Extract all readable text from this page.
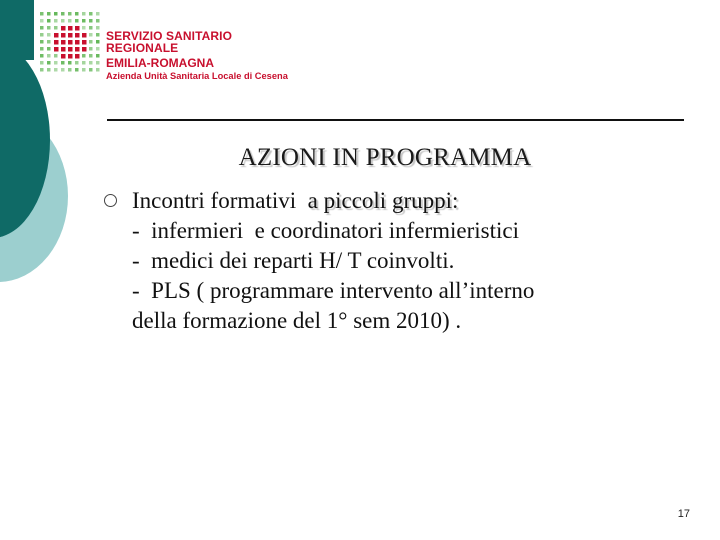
SERVIZIO SANITARIO REGIONALE
EMILIA-ROMAGNA
Azienda Unità Sanitaria Locale di Cesena
AZIONI IN PROGRAMMA
Incontri formativi  a piccoli gruppi:
-  infermieri  e coordinatori infermieristici
-  medici dei reparti H/ T coinvolti.
-  PLS ( programmare intervento all’interno
della formazione del 1° sem 2010) .
17
